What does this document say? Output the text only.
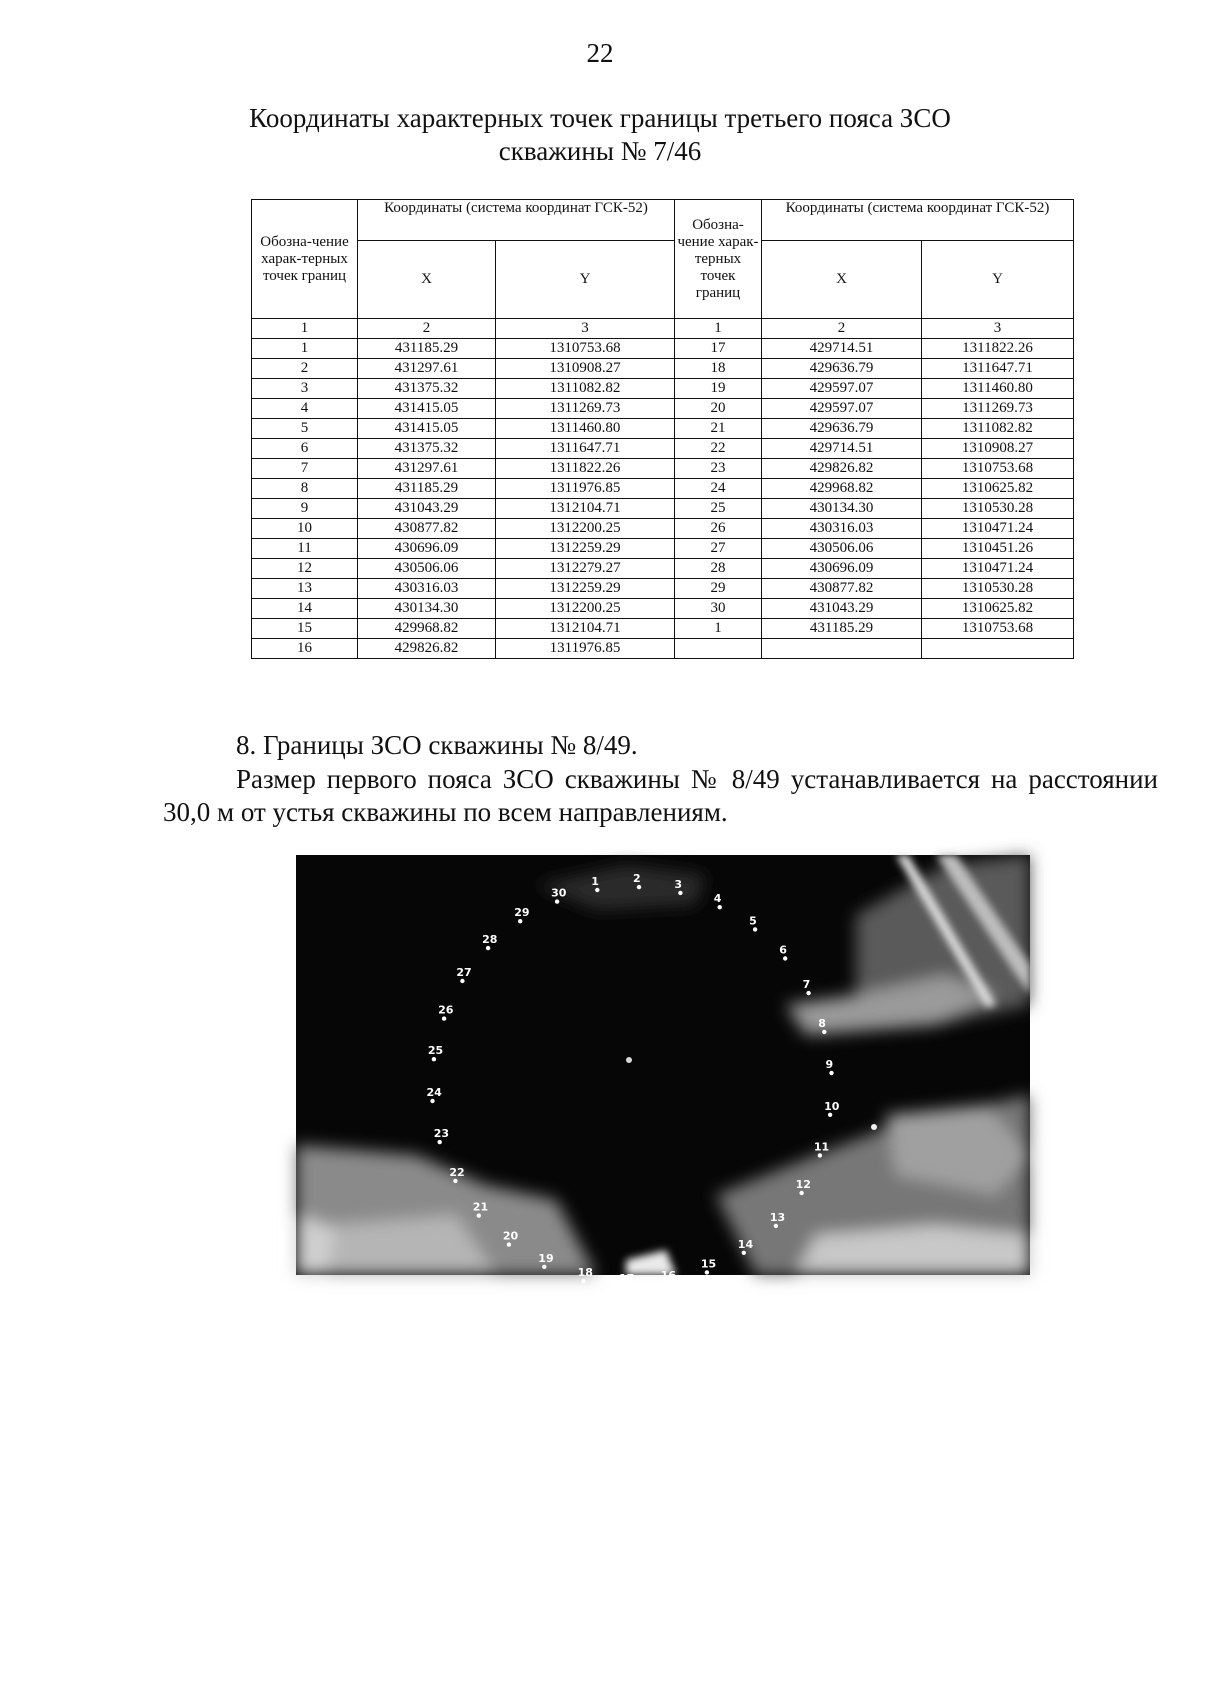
22
Координаты характерных точек границы третьего пояса ЗСО
скважины № 7/46
Обозна-чение харак-терных точек границ	Координаты (система координат ГСК-52)		Обозна-чение харак-терных точек границ	Координаты (система координат ГСК-52)	
	X	Y		X	Y
1	2	3	1	2	3
1	431185.29	1310753.68	17	429714.51	1311822.26
2	431297.61	1310908.27	18	429636.79	1311647.71
3	431375.32	1311082.82	19	429597.07	1311460.80
4	431415.05	1311269.73	20	429597.07	1311269.73
5	431415.05	1311460.80	21	429636.79	1311082.82
6	431375.32	1311647.71	22	429714.51	1310908.27
7	431297.61	1311822.26	23	429826.82	1310753.68
8	431185.29	1311976.85	24	429968.82	1310625.82
9	431043.29	1312104.71	25	430134.30	1310530.28
10	430877.82	1312200.25	26	430316.03	1310471.24
11	430696.09	1312259.29	27	430506.06	1310451.26
12	430506.06	1312279.27	28	430696.09	1310471.24
13	430316.03	1312259.29	29	430877.82	1310530.28
14	430134.30	1312200.25	30	431043.29	1310625.82
15	429968.82	1312104.71	1	431185.29	1310753.68
16	429826.82	1311976.85			
8. Границы ЗСО скважины № 8/49.
Размер первого пояса ЗСО скважины № 8/49 устанавливается на расстоянии 30,0 м от устья скважины по всем направлениям.
1	2	3
4
5
6
7
8
9
10
11
12
13
14
15
16
17
18
19
20
21
22
23
24
25
26
27
28
29
30
